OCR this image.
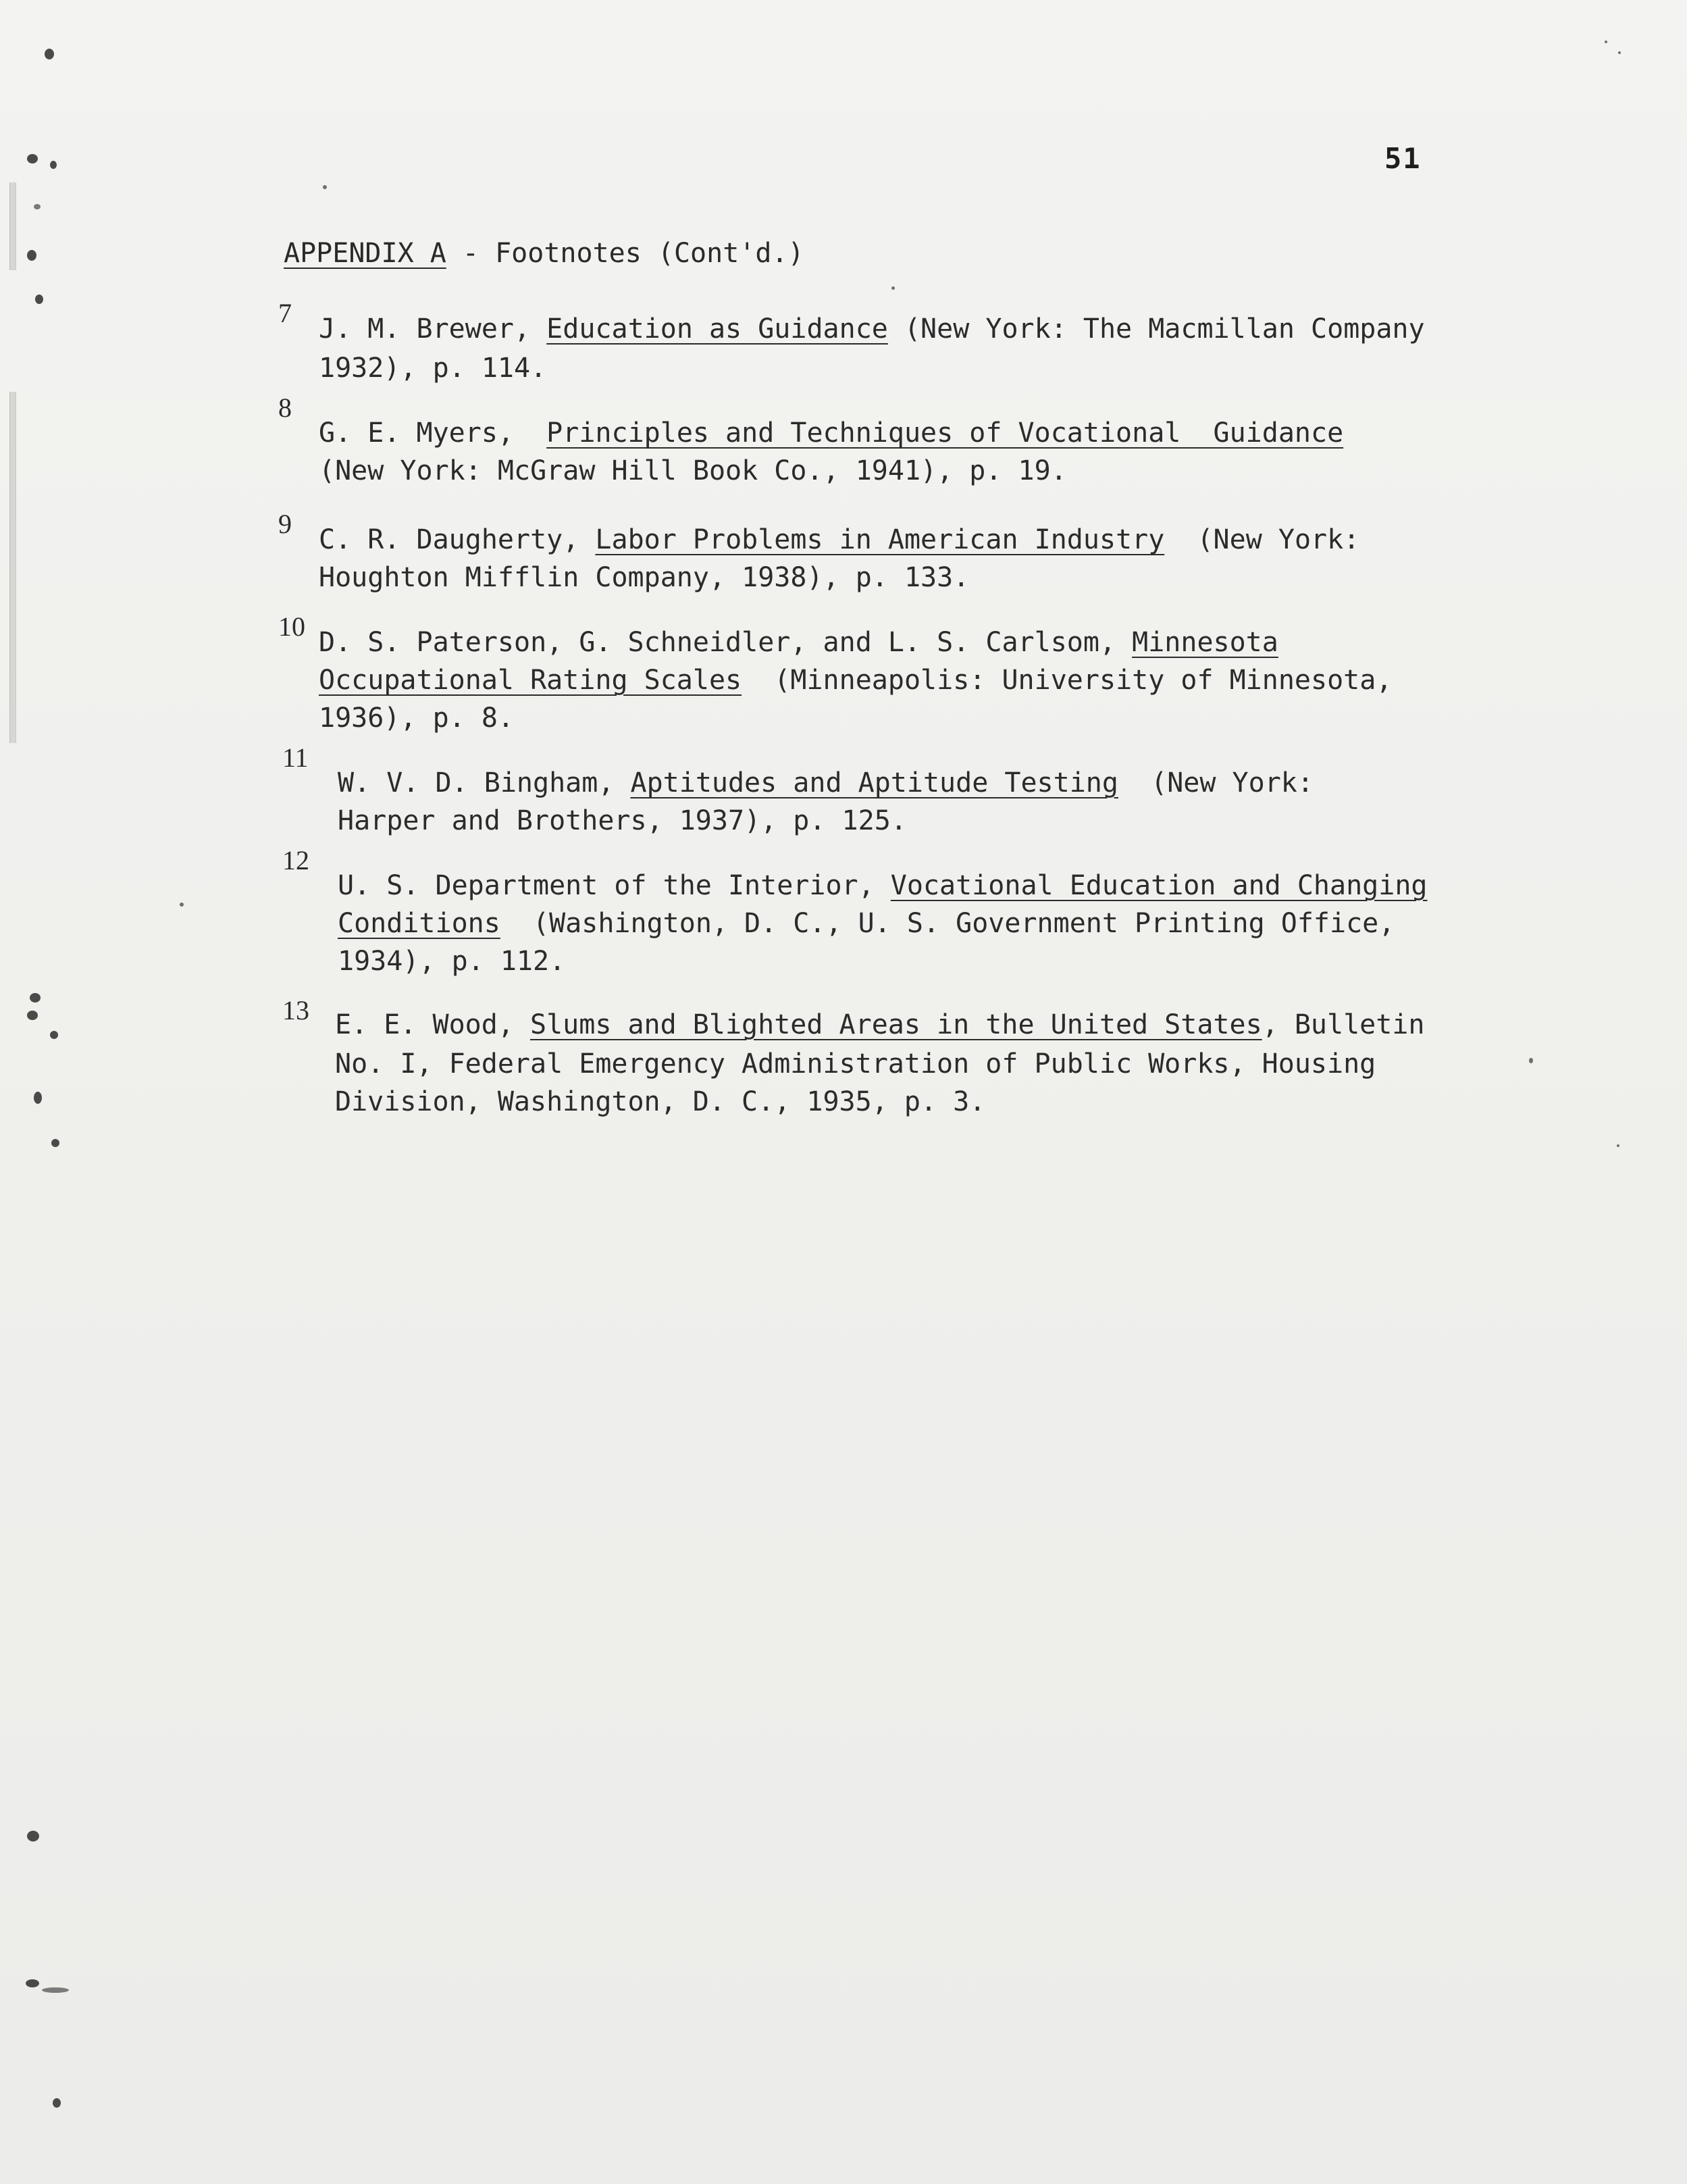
51
APPENDIX A - Footnotes (Cont'd.)
7
J. M. Brewer, Education as Guidance (New York: The Macmillan Company
1932), p. 114.
8
G. E. Myers,  Principles and Techniques of Vocational  Guidance
(New York: McGraw Hill Book Co., 1941), p. 19.
9
C. R. Daugherty, Labor Problems in American Industry  (New York:
Houghton Mifflin Company, 1938), p. 133.
10
D. S. Paterson, G. Schneidler, and L. S. Carlsom, Minnesota
Occupational Rating Scales  (Minneapolis: University of Minnesota,
1936), p. 8.
11
W. V. D. Bingham, Aptitudes and Aptitude Testing  (New York:
Harper and Brothers, 1937), p. 125.
12
U. S. Department of the Interior, Vocational Education and Changing
Conditions  (Washington, D. C., U. S. Government Printing Office,
1934), p. 112.
13 E. E. Wood, Slums and Blighted Areas in the United States, Bulletin
No. I, Federal Emergency Administration of Public Works, Housing
Division, Washington, D. C., 1935, p. 3.
